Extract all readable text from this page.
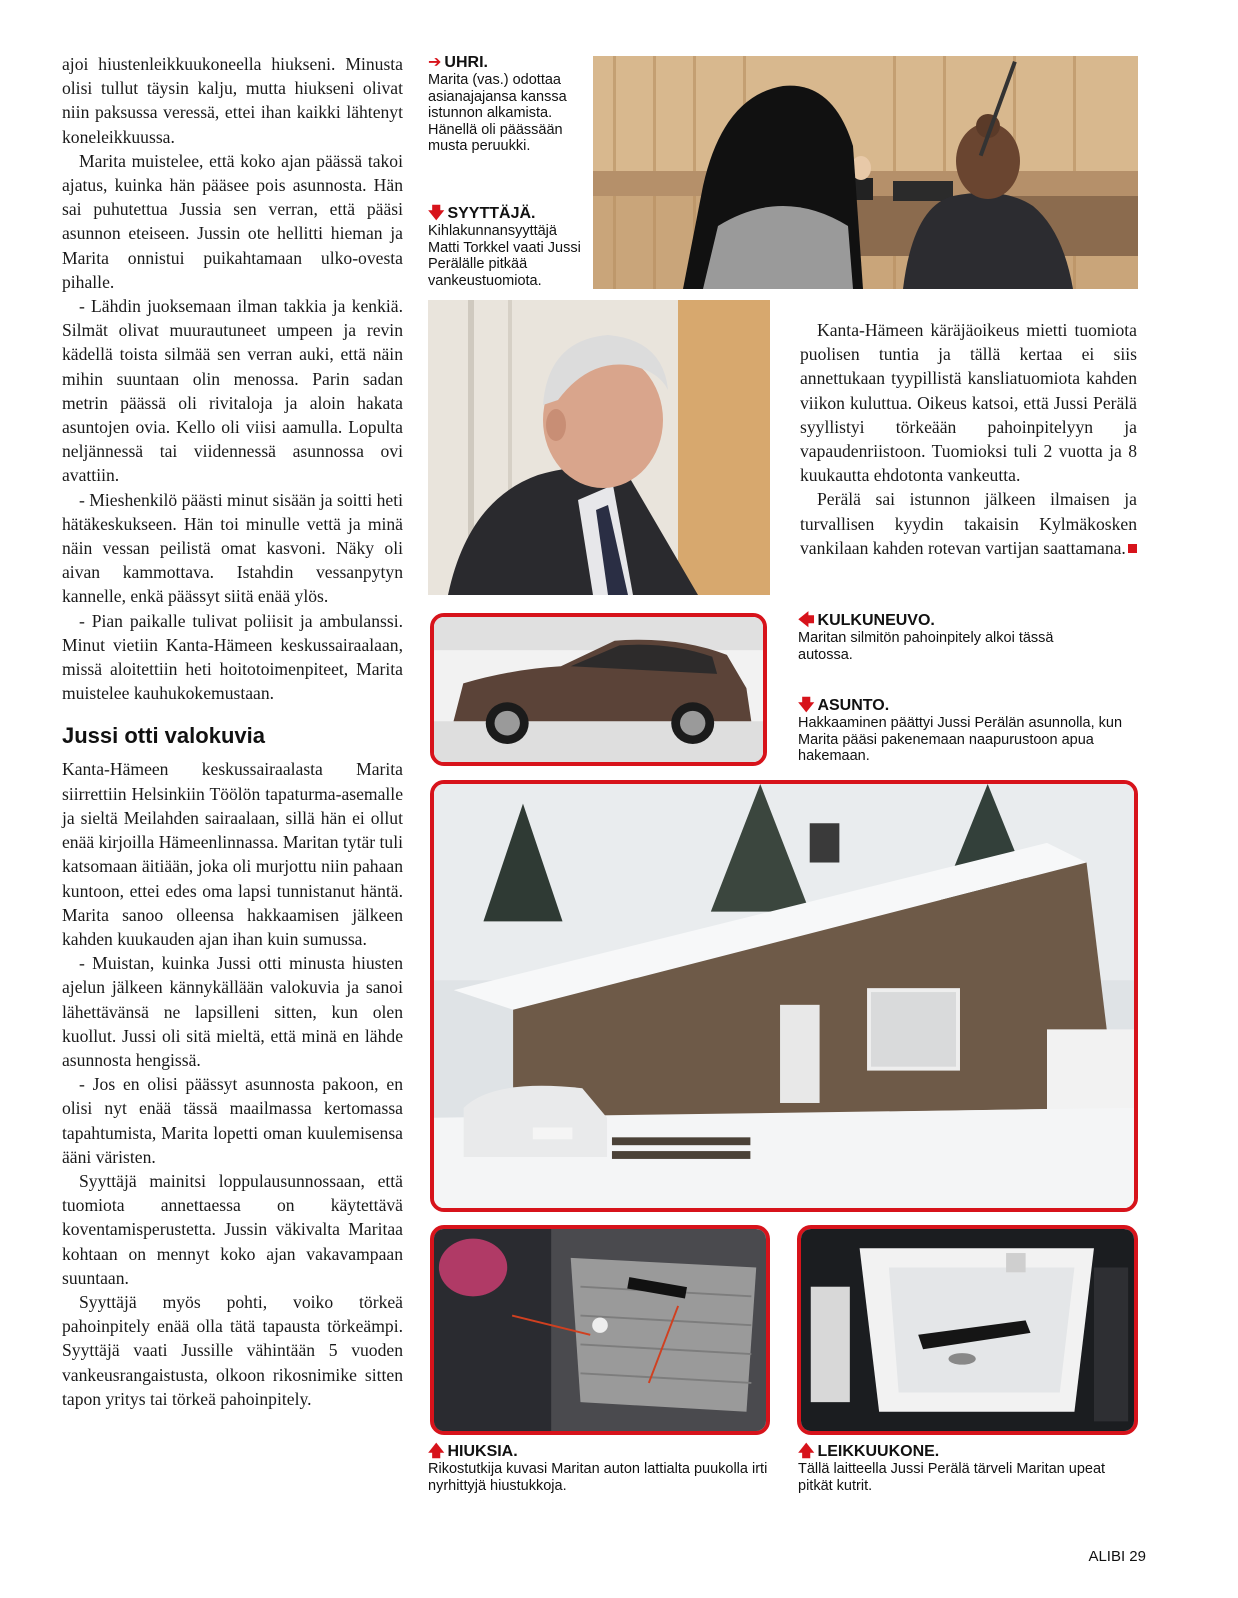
ajoi hiustenleikkuukoneella hiukseni. Minusta olisi tullut täysin kalju, mutta hiukseni olivat niin paksussa veressä, ettei ihan kaikki lähtenyt koneleikkuussa.

Marita muistelee, että koko ajan päässä takoi ajatus, kuinka hän pääsee pois asunnosta. Hän sai puhutettua Jussia sen verran, että pääsi asunnon eteiseen. Jussin ote hellitti hieman ja Marita onnistui puikahtamaan ulko-ovesta pihalle.

- Lähdin juoksemaan ilman takkia ja kenkiä. Silmät olivat muurautuneet umpeen ja revin kädellä toista silmää sen verran auki, että näin mihin suuntaan olin menossa. Parin sadan metrin päässä oli rivitaloja ja aloin hakata asuntojen ovia. Kello oli viisi aamulla. Lopulta neljännessä tai viidennessä asunnossa ovi avattiin.

- Mieshenkilö päästi minut sisään ja soitti heti hätäkeskukseen. Hän toi minulle vettä ja minä näin vessan peilistä omat kasvoni. Näky oli aivan kammottava. Istahdin vessanpytyn kannelle, enkä päässyt siitä enää ylös.

- Pian paikalle tulivat poliisit ja ambulanssi. Minut vietiin Kanta-Hämeen keskussairaalaan, missä aloitettiin heti hoitotoimenpiteet, Marita muistelee kauhukokemustaan.

Jussi otti valokuvia

Kanta-Hämeen keskussairaalasta Marita siirrettiin Helsinkiin Töölön tapaturma-asemalle ja sieltä Meilahden sairaalaan, sillä hän ei ollut enää kirjoilla Hämeenlinnassa. Maritan tytär tuli katsomaan äitiään, joka oli murjottu niin pahaan kuntoon, ettei edes oma lapsi tunnistanut häntä. Marita sanoo olleensa hakkaamisen jälkeen kahden kuukauden ajan ihan kuin sumussa.

- Muistan, kuinka Jussi otti minusta hiusten ajelun jälkeen kännykällään valokuvia ja sanoi lähettävänsä ne lapsilleni sitten, kun olen kuollut. Jussi oli sitä mieltä, että minä en lähde asunnosta hengissä.

- Jos en olisi päässyt asunnosta pakoon, en olisi nyt enää tässä maailmassa kertomassa tapahtumista, Marita lopetti oman kuulemisensa ääni väristen.

Syyttäjä mainitsi loppulausunnossaan, että tuomiota annettaessa on käytettävä koventamisperustetta. Jussin väkivalta Maritaa kohtaan on mennyt koko ajan vakavampaan suuntaan.

Syyttäjä myös pohti, voiko törkeä pahoinpitely enää olla tätä tapausta törkeämpi. Syyttäjä vaati Jussille vähintään 5 vuoden vankeusrangaistusta, olkoon rikosnimike sitten tapon yritys tai törkeä pahoinpitely.

➔ UHRI.
Marita (vas.) odottaa asianajajansa kanssa istunnon alkamista. Hänellä oli päässään musta peruukki.
🡇 SYYTTÄJÄ.
Kihlakunnansyyttäjä Matti Torkkel vaati Jussi Perälälle pitkää vankeustuomiota.

Kanta-Hämeen käräjäoikeus mietti tuomiota puolisen tuntia ja tällä kertaa ei siis annettukaan tyypillistä kansliatuomiota kahden viikon kuluttua. Oikeus katsoi, että Jussi Perälä syyllistyi törkeään pahoinpitelyyn ja vapaudenriistoon. Tuomioksi tuli 2 vuotta ja 8 kuukautta ehdotonta vankeutta.

Perälä sai istunnon jälkeen ilmaisen ja turvallisen kyydin takaisin Kylmäkosken vankilaan kahden rotevan vartijan saattamana.

🡄 KULKUNEUVO.
Maritan silmitön pahoinpitely alkoi tässä autossa.
🡇 ASUNTO.
Hakkaaminen päättyi Jussi Perälän asunnolla, kun Marita pääsi pakenemaan naapurustoon apua hakemaan.
🡅 HIUKSIA.
Rikostutkija kuvasi Maritan auton lattialta puukolla irti nyrhittyjä hiustukkoja.
🡅 LEIKKUUKONE.
Tällä laitteella Jussi Perälä tärveli Maritan upeat pitkät kutrit.
ALIBI 29
